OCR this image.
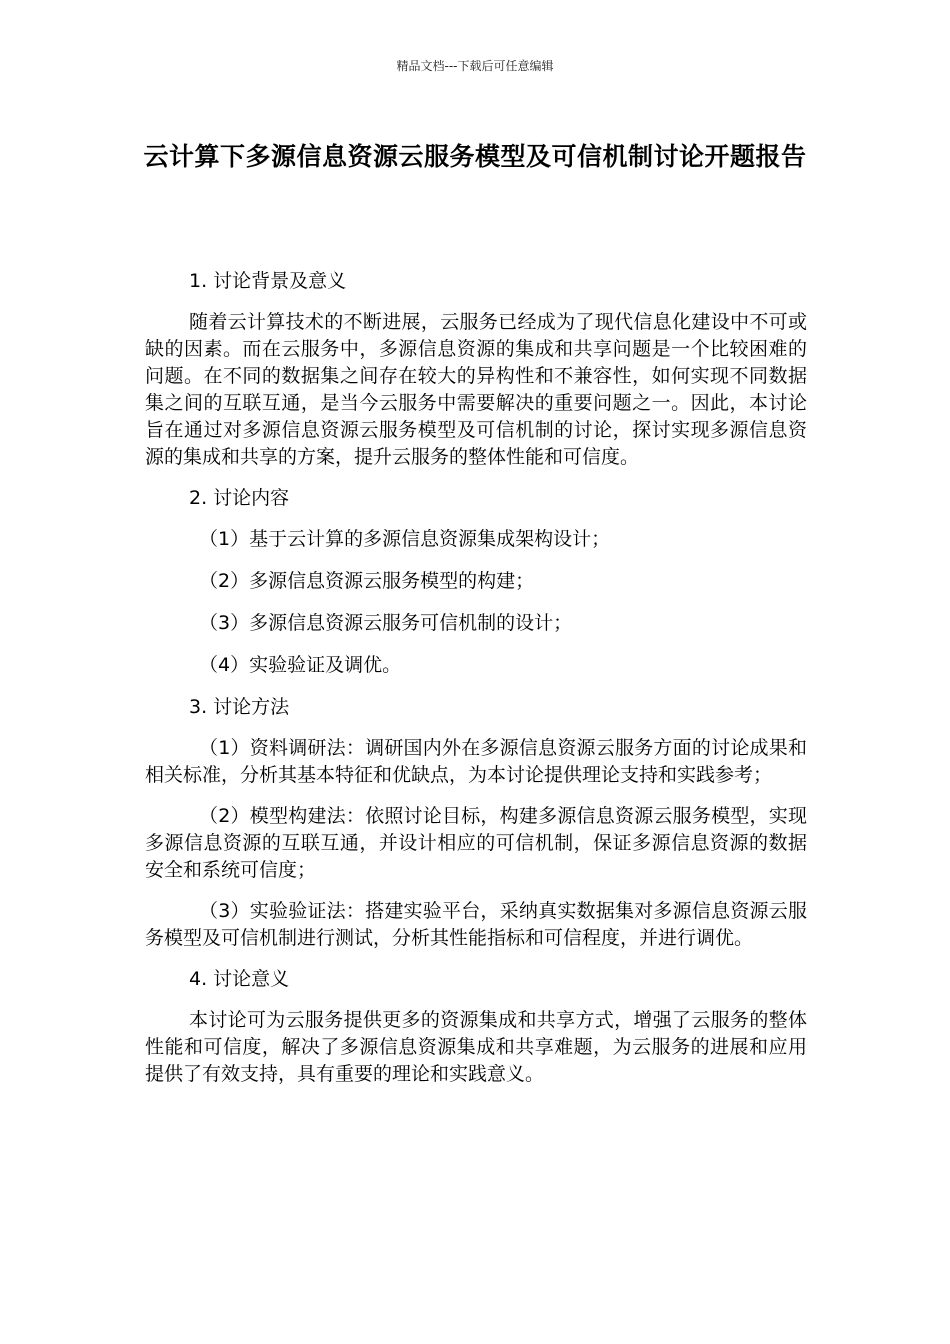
精品文档---下载后可任意编辑
云计算下多源信息资源云服务模型及可信机制讨论开题报告

1. 讨论背景及意义

随着云计算技术的不断进展，云服务已经成为了现代信息化建设中不可或缺的因素。而在云服务中，多源信息资源的集成和共享问题是一个比较困难的问题。在不同的数据集之间存在较大的异构性和不兼容性，如何实现不同数据集之间的互联互通，是当今云服务中需要解决的重要问题之一。因此，本讨论旨在通过对多源信息资源云服务模型及可信机制的讨论，探讨实现多源信息资源的集成和共享的方案，提升云服务的整体性能和可信度。

2. 讨论内容

（1）基于云计算的多源信息资源集成架构设计；

（2）多源信息资源云服务模型的构建；

（3）多源信息资源云服务可信机制的设计；

（4）实验验证及调优。

3. 讨论方法

（1）资料调研法：调研国内外在多源信息资源云服务方面的讨论成果和相关标准，分析其基本特征和优缺点，为本讨论提供理论支持和实践参考；

（2）模型构建法：依照讨论目标，构建多源信息资源云服务模型，实现多源信息资源的互联互通，并设计相应的可信机制，保证多源信息资源的数据安全和系统可信度；

（3）实验验证法：搭建实验平台，采纳真实数据集对多源信息资源云服务模型及可信机制进行测试，分析其性能指标和可信程度，并进行调优。

4. 讨论意义

本讨论可为云服务提供更多的资源集成和共享方式，增强了云服务的整体性能和可信度，解决了多源信息资源集成和共享难题，为云服务的进展和应用提供了有效支持，具有重要的理论和实践意义。
